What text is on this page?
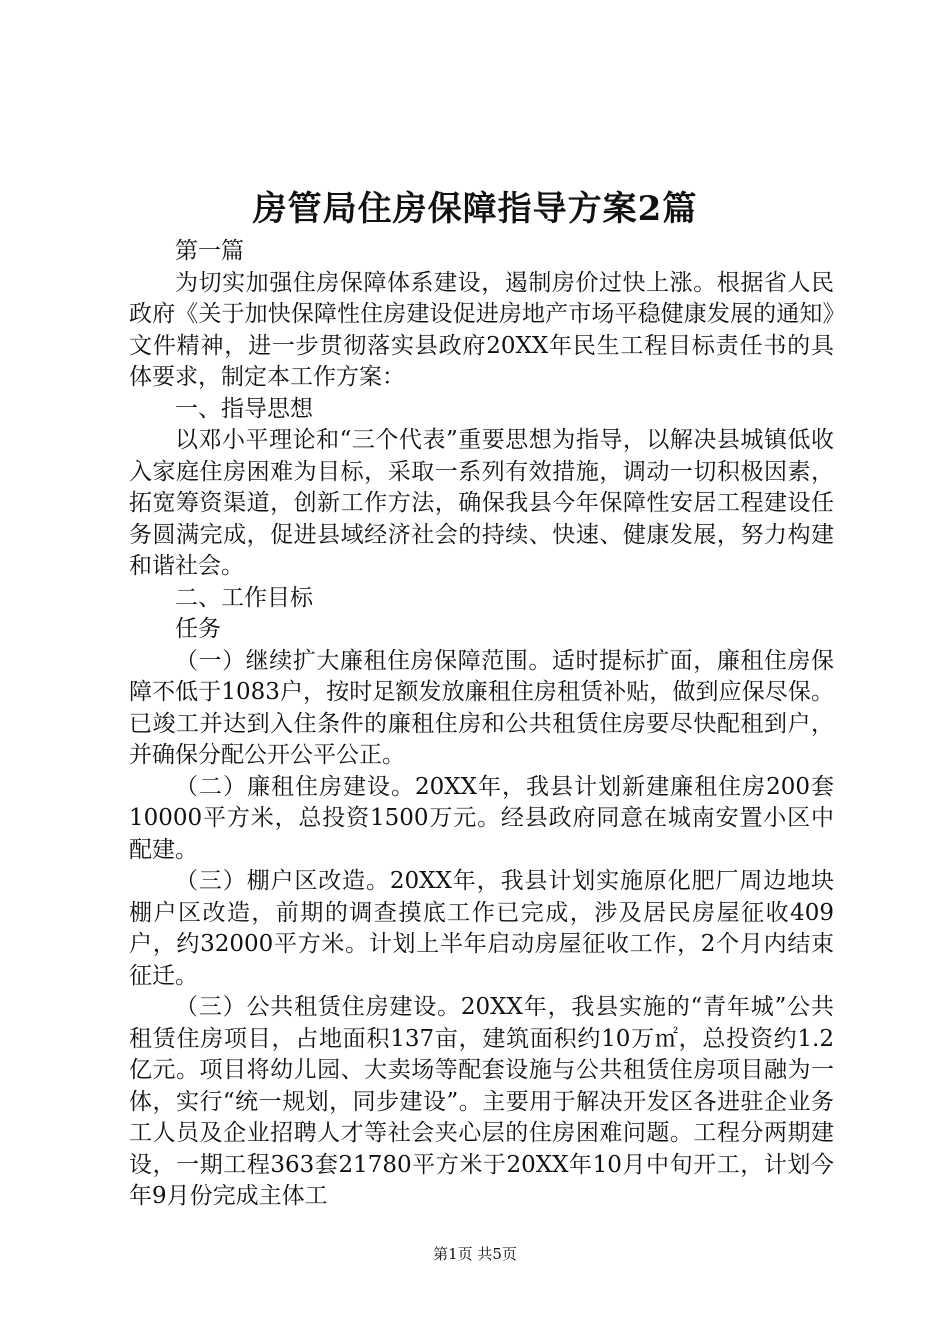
房管局住房保障指导方案2篇

第一篇

为切实加强住房保障体系建设，遏制房价过快上涨。根据省人民政府《关于加快保障性住房建设促进房地产市场平稳健康发展的通知》文件精神，进一步贯彻落实县政府20XX年民生工程目标责任书的具体要求，制定本工作方案：

一、指导思想

以邓小平理论和“三个代表”重要思想为指导，以解决县城镇低收入家庭住房困难为目标，采取一系列有效措施，调动一切积极因素，拓宽筹资渠道，创新工作方法，确保我县今年保障性安居工程建设任务圆满完成，促进县域经济社会的持续、快速、健康发展，努力构建和谐社会。

二、工作目标

任务

（一）继续扩大廉租住房保障范围。适时提标扩面，廉租住房保障不低于1083户，按时足额发放廉租住房租赁补贴，做到应保尽保。已竣工并达到入住条件的廉租住房和公共租赁住房要尽快配租到户，并确保分配公开公平公正。

（二）廉租住房建设。20XX年，我县计划新建廉租住房200套10000平方米，总投资1500万元。经县政府同意在城南安置小区中配建。

（三）棚户区改造。20XX年，我县计划实施原化肥厂周边地块棚户区改造，前期的调查摸底工作已完成，涉及居民房屋征收409户，约32000平方米。计划上半年启动房屋征收工作，2个月内结束征迁。

（三）公共租赁住房建设。20XX年，我县实施的“青年城”公共租赁住房项目，占地面积137亩，建筑面积约10万㎡，总投资约1.2亿元。项目将幼儿园、大卖场等配套设施与公共租赁住房项目融为一体，实行“统一规划，同步建设”。主要用于解决开发区各进驻企业务工人员及企业招聘人才等社会夹心层的住房困难问题。工程分两期建设，一期工程363套21780平方米于20XX年10月中旬开工，计划今年9月份完成主体工

第1页 共5页
